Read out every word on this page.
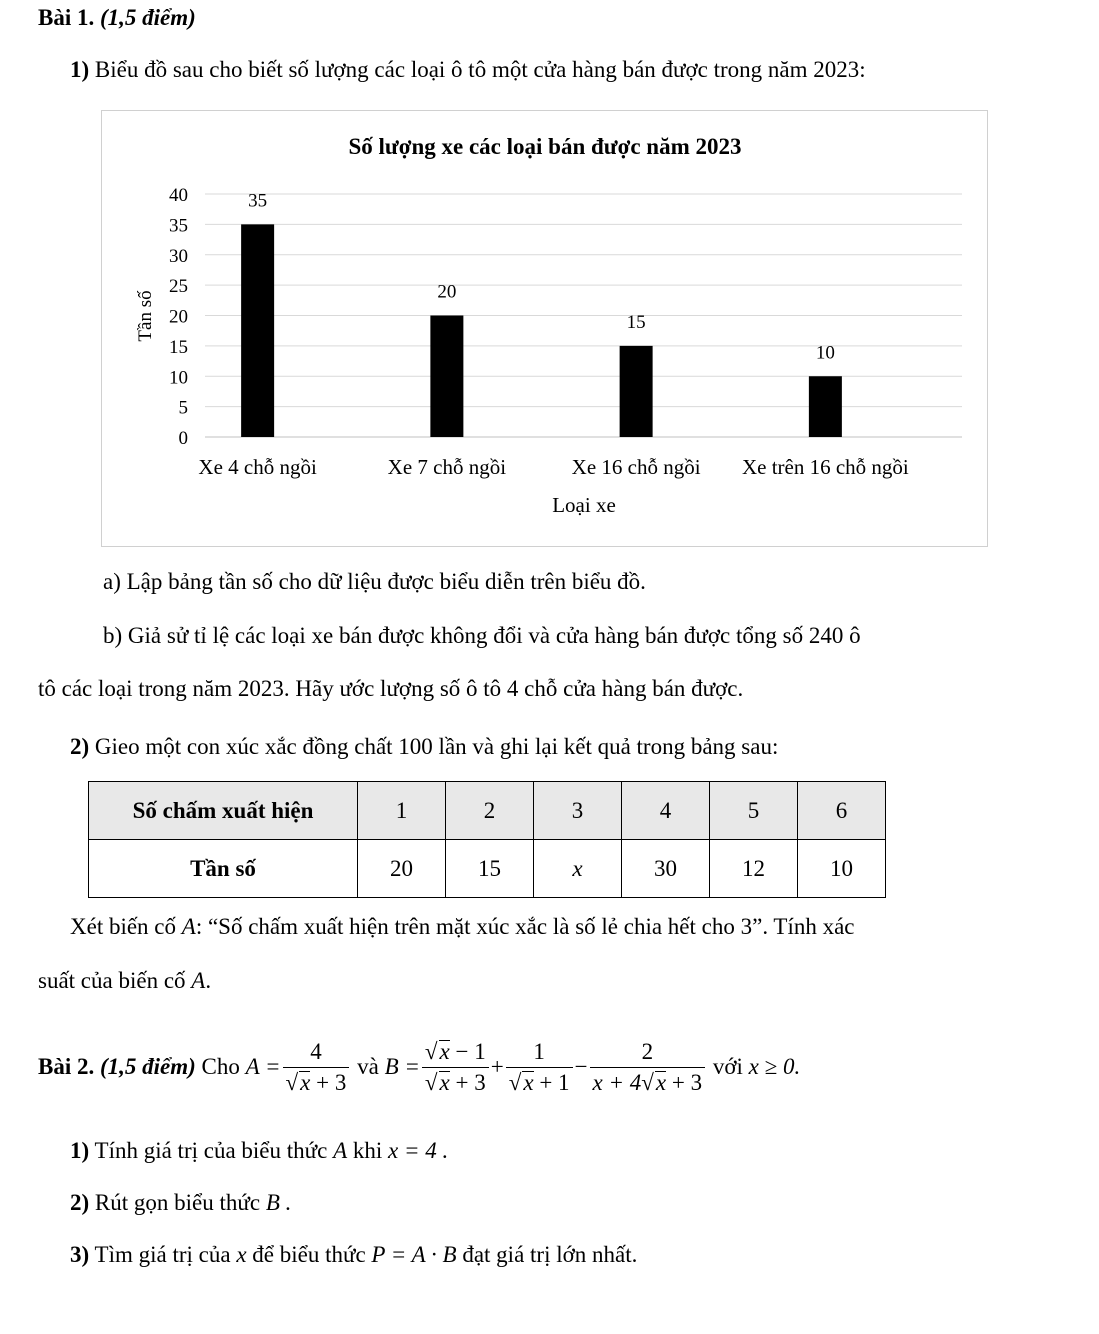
Bài 1. (1,5 điểm)
1) Biểu đồ sau cho biết số lượng các loại ô tô một cửa hàng bán được trong năm 2023:
Số lượng xe các loại bán được năm 2023
0
5
10
15
20
25
30
35
40
Tần số
35
Xe 4 chỗ ngồi
20
Xe 7 chỗ ngồi
15
Xe 16 chỗ ngồi
10
Xe trên 16 chỗ ngồi
Loại xe
a) Lập bảng tần số cho dữ liệu được biểu diễn trên biểu đồ.
b) Giả sử tỉ lệ các loại xe bán được không đổi và cửa hàng bán được tổng số 240 ô
tô các loại trong năm 2023. Hãy ước lượng số ô tô 4 chỗ cửa hàng bán được.
2) Gieo một con xúc xắc đồng chất 100 lần và ghi lại kết quả trong bảng sau:
Số chấm xuất hiện	1	2	3	4	5	6
Tần số	20	15	x	30	12	10
Xét biến cố A: “Số chấm xuất hiện trên mặt xúc xắc là số lẻ chia hết cho 3”. Tính xác
suất của biến cố A.
Bài 2.
(1,5 điểm)
Cho
$A = \frac{4}{√x + 3}$
và
$B = \frac{√x - 1}{√x + 3} + \frac{1}{√x + 1} - \frac{2}{x + 4√x + 3}$
với
x ≥ 0.
1) Tính giá trị của biểu thức A khi x = 4 .
2) Rút gọn biểu thức B .
3) Tìm giá trị của x để biểu thức P = A · B đạt giá trị lớn nhất.
